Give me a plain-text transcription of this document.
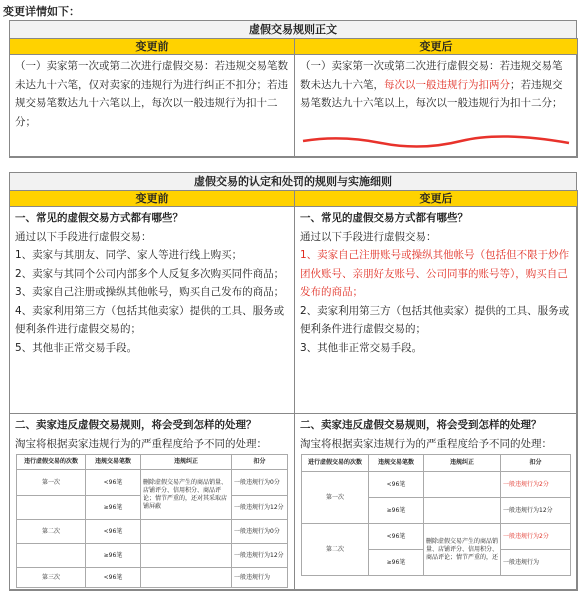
变更详情如下：
虚假交易规则正文
变更前	变更后
（一）卖家第一次或第二次进行虚假交易：若违规交易笔数未达九十六笔，仅对卖家的违规行为进行纠正不扣分；若违规交易笔数达九十六笔以上，每次以一般违规行为扣十二分；
（一）卖家第一次或第二次进行虚假交易：若违规交易笔数未达九十六笔，每次以一般违规行为扣两分；若违规交易笔数达九十六笔以上，每次以一般违规行为扣十二分；
虚假交易的认定和处罚的规则与实施细则
变更前	变更后
一、常见的虚假交易方式都有哪些？
通过以下手段进行虚假交易：
1、卖家与其朋友、同学、家人等进行线上购买；
2、卖家与其同个公司内部多个人反复多次购买同件商品；
3、卖家自己注册或操纵其他帐号，购买自己发布的商品；
4、卖家利用第三方（包括其他卖家）提供的工具、服务或便利条件进行虚假交易的；
5、其他非正常交易手段。
一、常见的虚假交易方式都有哪些？
通过以下手段进行虚假交易：
1、卖家自己注册账号或操纵其他帐号（包括但不限于炒作团伙账号、亲朋好友账号、公司同事的账号等），购买自己发布的商品；
2、卖家利用第三方（包括其他卖家）提供的工具、服务或便利条件进行虚假交易的；
3、其他非正常交易手段。
二、卖家违反虚假交易规则，将会受到怎样的处理？
淘宝将根据卖家违规行为的严重程度给予不同的处理：
二、卖家违反虚假交易规则，将会受到怎样的处理？
淘宝将根据卖家违规行为的严重程度给予不同的处理：
违行虚假交易的次数	违规交易笔数	违规纠正	扣分
第一次	<96笔	删除虚假交易产生的商品销量、店铺评分、信用积分、商品评论；情节严重的，还对其采取店铺屏蔽	一般违规行为0分
	≥96笔		一般违规行为12分
第二次	<96笔		一般违规行为0分
	≥96笔		一般违规行为12分
第三次	<96笔		一般违规行为
进行虚假交易的次数	违规交易笔数	违规纠正	扣分
第一次	<96笔		一般违规行为2分
	≥96笔		一般违规行为12分
第二次	<96笔	删除虚假交易产生的商品销量、店铺评分、信用积分、商品评论；情节严重的，还	一般违规行为2分
	≥96笔		一般违规行为
